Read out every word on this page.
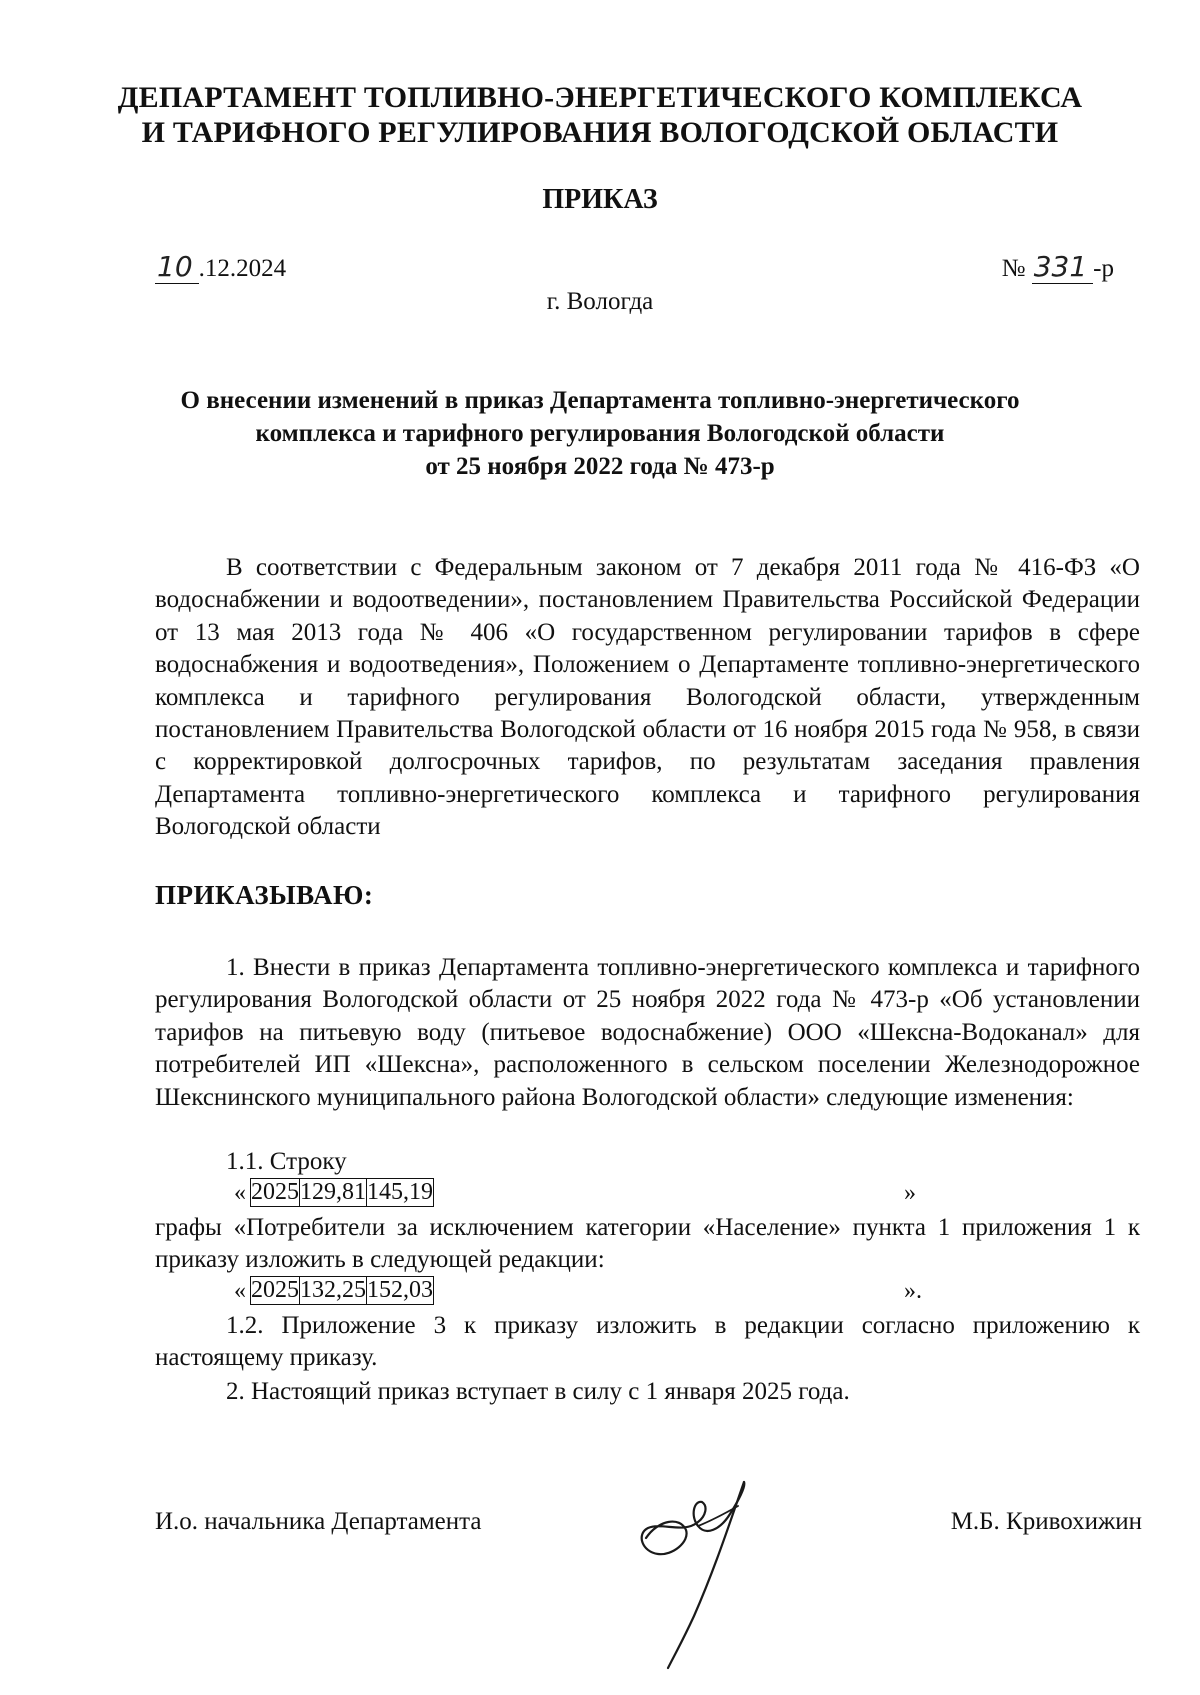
ДЕПАРТАМЕНТ ТОПЛИВНО-ЭНЕРГЕТИЧЕСКОГО КОМПЛЕКСА
И ТАРИФНОГО РЕГУЛИРОВАНИЯ ВОЛОГОДСКОЙ ОБЛАСТИ
ПРИКАЗ
10 .12.2024	№ 331 -р
г. Вологда
О внесении изменений в приказ Департамента топливно-энергетического
комплекса и тарифного регулирования Вологодской области
от 25 ноября 2022 года № 473-р

В соответствии с Федеральным законом от 7 декабря 2011 года № 416-ФЗ «О водоснабжении и водоотведении», постановлением Правительства Российской Федерации от 13 мая 2013 года № 406 «О государственном регулировании тарифов в сфере водоснабжения и водоотведения», Положением о Департаменте топливно-энергетического комплекса и тарифного регулирования Вологодской области, утвержденным постановлением Правительства Вологодской области от 16 ноября 2015 года № 958, в связи с корректировкой долгосрочных тарифов, по результатам заседания правления Департамента топливно-энергетического комплекса и тарифного регулирования Вологодской области

ПРИКАЗЫВАЮ:

1. Внести в приказ Департамента топливно-энергетического комплекса и тарифного регулирования Вологодской области от 25 ноября 2022 года № 473-р «Об установлении тарифов на питьевую воду (питьевое водоснабжение) ООО «Шексна-Водоканал» для потребителей ИП «Шексна», расположенного в сельском поселении Железнодорожное Шекснинского муниципального района Вологодской области» следующие изменения:

1.1. Строку
« 2025	129,81	145,19	»

графы «Потребители за исключением категории «Население» пункта 1 приложения 1 к приказу изложить в следующей редакции:

« 2025	132,25	152,03	».

1.2. Приложение 3 к приказу изложить в редакции согласно приложению к настоящему приказу.

2. Настоящий приказ вступает в силу с 1 января 2025 года.

И.о. начальника Департамента	М.Б. Кривохижин
